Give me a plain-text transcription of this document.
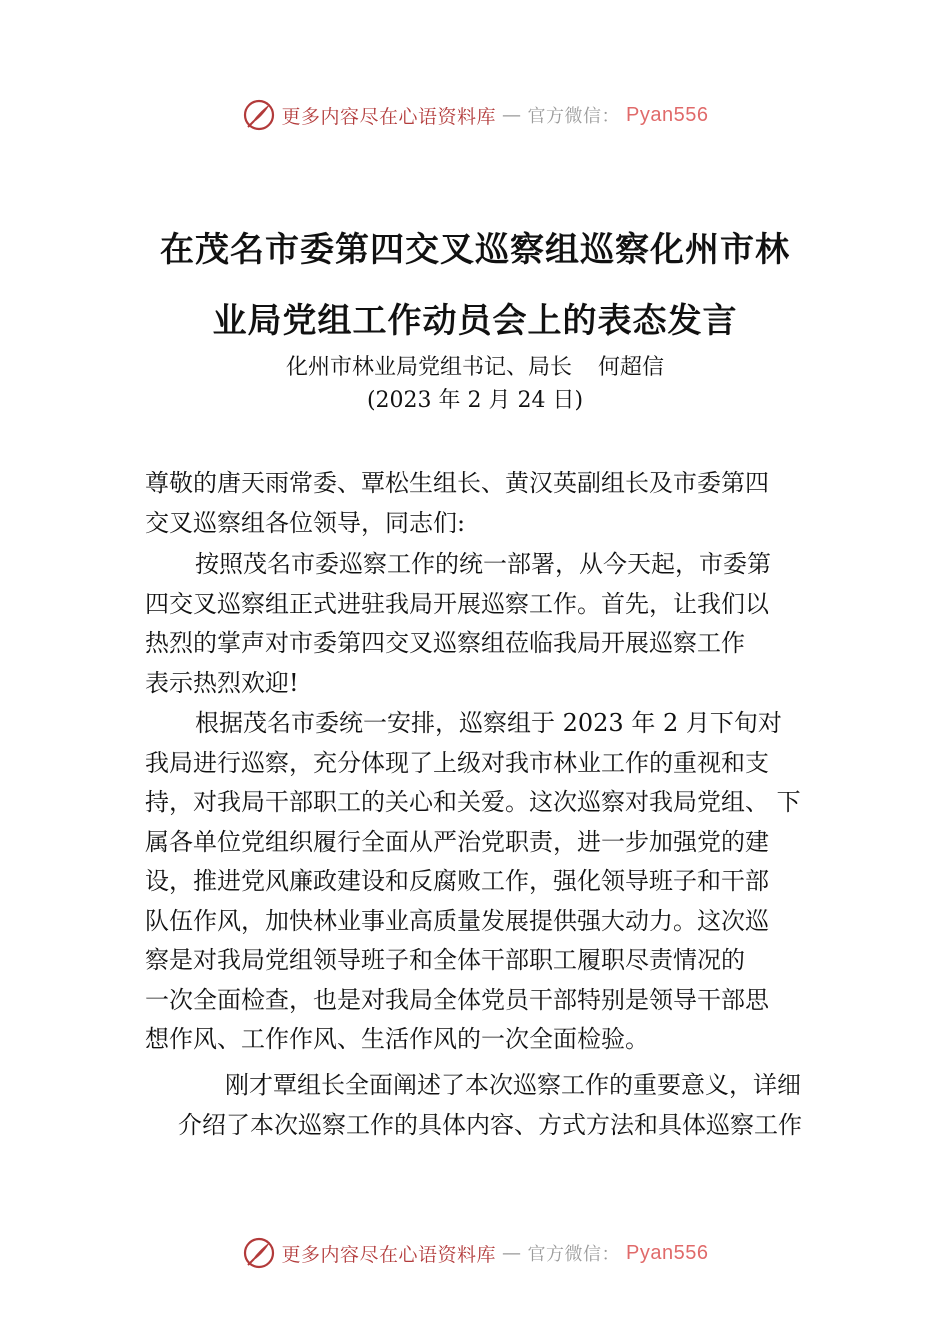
更多内容尽在心语资料库 — 官方微信： Pyan556
在茂名市委第四交叉巡察组巡察化州市林
业局党组工作动员会上的表态发言
化州市林业局党组书记、局长 何超信
(2023 年 2 月 24 日)
尊敬的唐天雨常委、覃松生组长、黄汉英副组长及市委第四
交叉巡察组各位领导，同志们:
按照茂名市委巡察工作的统一部署，从今天起，市委第
四交叉巡察组正式进驻我局开展巡察工作。首先，让我们以
热烈的掌声对市委第四交叉巡察组莅临我局开展巡察工作
表示热烈欢迎!
根据茂名市委统一安排，巡察组于 2023 年 2 月下旬对
我局进行巡察，充分体现了上级对我市林业工作的重视和支
持，对我局干部职工的关心和关爱。这次巡察对我局党组、 下
属各单位党组织履行全面从严治党职责，进一步加强党的建
设，推进党风廉政建设和反腐败工作，强化领导班子和干部
队伍作风，加快林业事业高质量发展提供强大动力。这次巡
察是对我局党组领导班子和全体干部职工履职尽责情况的
一次全面检查，也是对我局全体党员干部特别是领导干部思
想作风、工作作风、生活作风的一次全面检验。
刚才覃组长全面阐述了本次巡察工作的重要意义，详细
介绍了本次巡察工作的具体内容、方式方法和具体巡察工作
更多内容尽在心语资料库 — 官方微信： Pyan556
